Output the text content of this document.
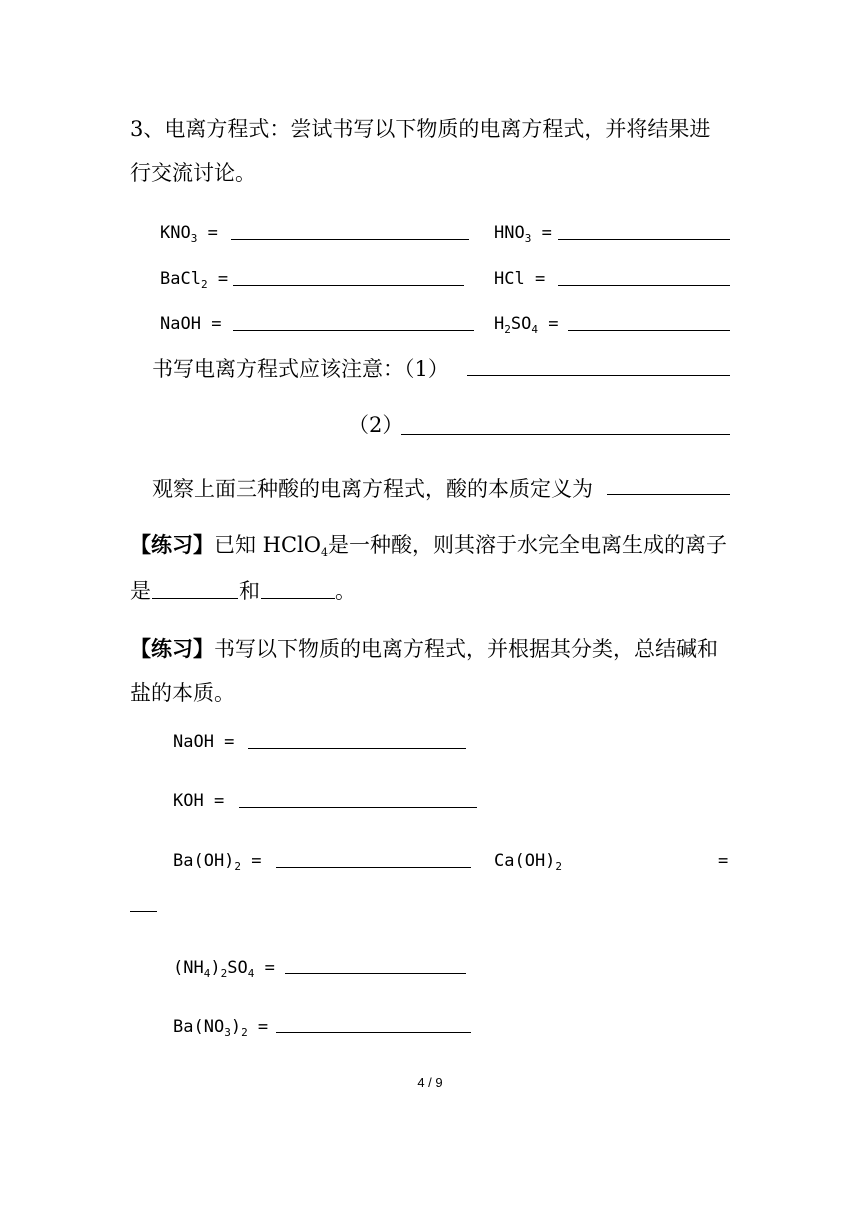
3、电离方程式：尝试书写以下物质的电离方程式，并将结果进
行交流讨论。
$KNO_3$ =	$HNO_3$ =
BaCl$_2$ =	HCl =
NaOH =	$H_2SO_4$ =
书写电离方程式应该注意：（1）
（2）
观察上面三种酸的电离方程式，酸的本质定义为
【练习】已知 HClO$_4$是一种酸，则其溶于水完全电离生成的离子
是	和	。
【练习】书写以下物质的电离方程式，并根据其分类，总结碱和
盐的本质。
NaOH =
KOH =
$Ba(OH)_2$ =	$Ca(OH)_2$	=
$(NH_4)_2SO_4$ =
$Ba(NO_3)_2$ =
4 / 9
